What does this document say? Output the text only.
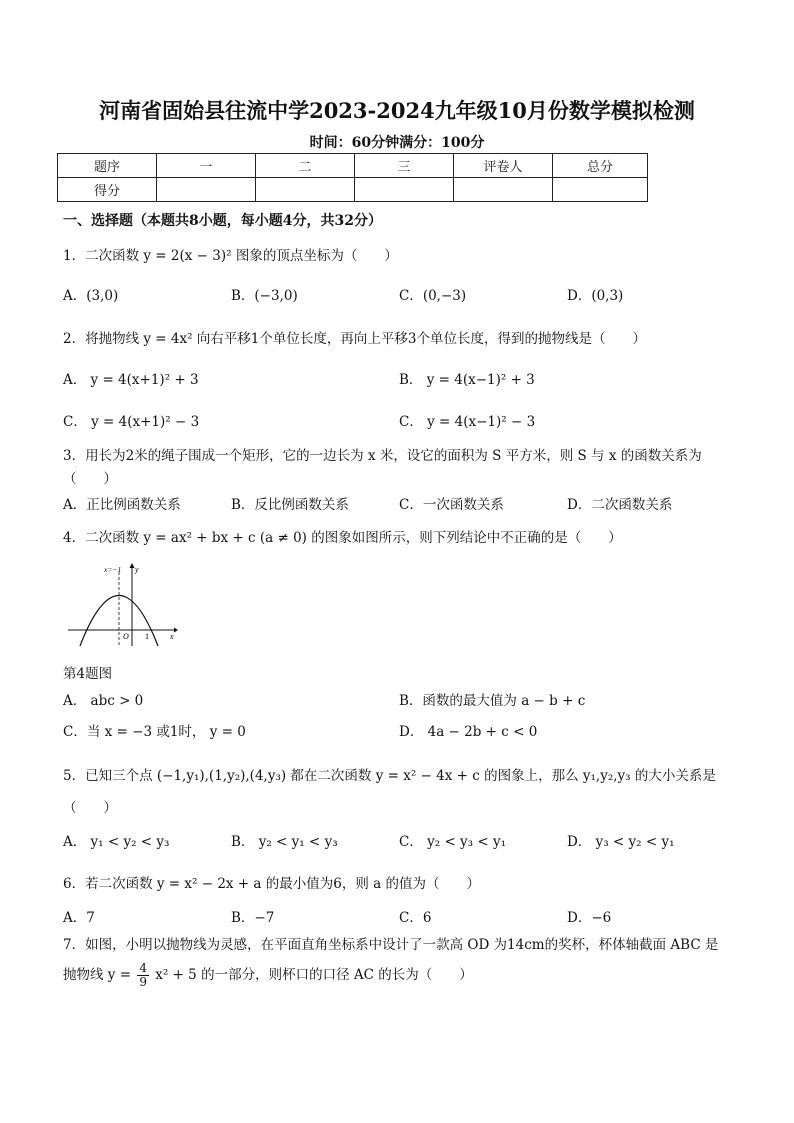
河南省固始县往流中学2023-2024九年级10月份数学模拟检测
时间：60分钟满分：100分
题序	一	二	三	评卷人	总分
得分					
一、选择题（本题共8小题，每小题4分，共32分）
1．二次函数 y = 2(x − 3)² 图象的顶点坐标为（　　）
A．(3,0)	B．(−3,0)	C．(0,−3)	D．(0,3)
2．将抛物线 y = 4x² 向右平移1个单位长度，再向上平移3个单位长度，得到的抛物线是（　　）
A． y = 4(x+1)² + 3	B． y = 4(x−1)² + 3
C． y = 4(x+1)² − 3	C． y = 4(x−1)² − 3
3．用长为2米的绳子围成一个矩形，它的一边长为 x 米，设它的面积为 S 平方米，则 S 与 x 的函数关系为
（　　）
A．正比例函数关系	B．反比例函数关系	C．一次函数关系	D．二次函数关系
4．二次函数 y = ax² + bx + c (a ≠ 0) 的图象如图所示，则下列结论中不正确的是（　　）
x=−1 y
x
O 1
第4题图
A． abc > 0	B．函数的最大值为 a − b + c
C．当 x = −3 或1时， y = 0	D． 4a − 2b + c < 0
5．已知三个点 (−1,y₁),(1,y₂),(4,y₃) 都在二次函数 y = x² − 4x + c 的图象上，那么 y₁,y₂,y₃ 的大小关系是
（　　）
A． y₁ < y₂ < y₃	B． y₂ < y₁ < y₃	C． y₂ < y₃ < y₁	D． y₃ < y₂ < y₁
6．若二次函数 y = x² − 2x + a 的最小值为6，则 a 的值为（　　）
A．7	B．−7	C．6	D．−6
7．如图，小明以抛物线为灵感，在平面直角坐标系中设计了一款高 OD 为14cm的奖杯，杯体轴截面 ABC 是
抛物线 $y = \frac{4}{9} x^2 + 5$ 的一部分，则杯口的口径 AC 的长为（　　）
